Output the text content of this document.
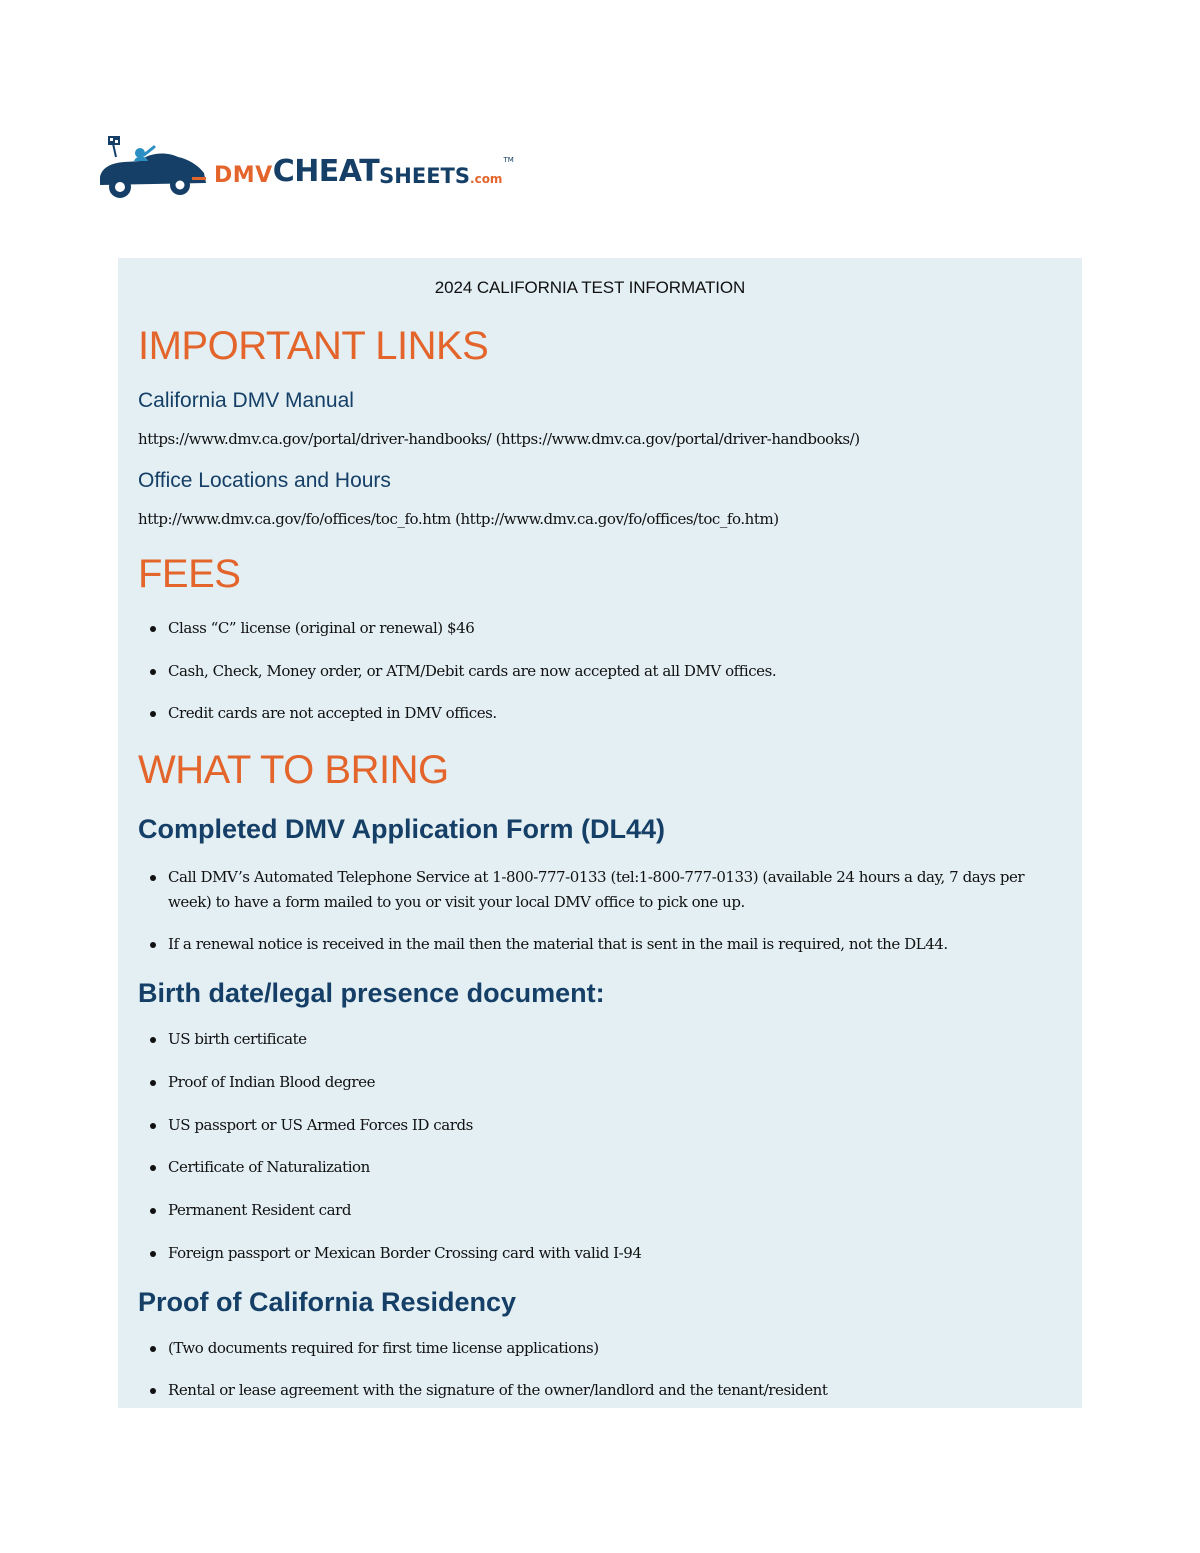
DMV CHEAT SHEETS .com
TM
2024 CALIFORNIA TEST INFORMATION
IMPORTANT LINKS
California DMV Manual
https://www.dmv.ca.gov/portal/driver-handbooks/ (https://www.dmv.ca.gov/portal/driver-handbooks/)
Office Locations and Hours
http://www.dmv.ca.gov/fo/offices/toc_fo.htm (http://www.dmv.ca.gov/fo/offices/toc_fo.htm)
FEES
Class “C” license (original or renewal) $46
Cash, Check, Money order, or ATM/Debit cards are now accepted at all DMV offices.
Credit cards are not accepted in DMV offices.
WHAT TO BRING
Completed DMV Application Form (DL44)
Call DMV’s Automated Telephone Service at 1-800-777-0133 (tel:1-800-777-0133) (available 24 hours a day, 7 days per week) to have a form mailed to you or visit your local DMV office to pick one up.
If a renewal notice is received in the mail then the material that is sent in the mail is required, not the DL44.
Birth date/legal presence document:
US birth certificate
Proof of Indian Blood degree
US passport or US Armed Forces ID cards
Certificate of Naturalization
Permanent Resident card
Foreign passport or Mexican Border Crossing card with valid I-94
Proof of California Residency
(Two documents required for first time license applications)
Rental or lease agreement with the signature of the owner/landlord and the tenant/resident
